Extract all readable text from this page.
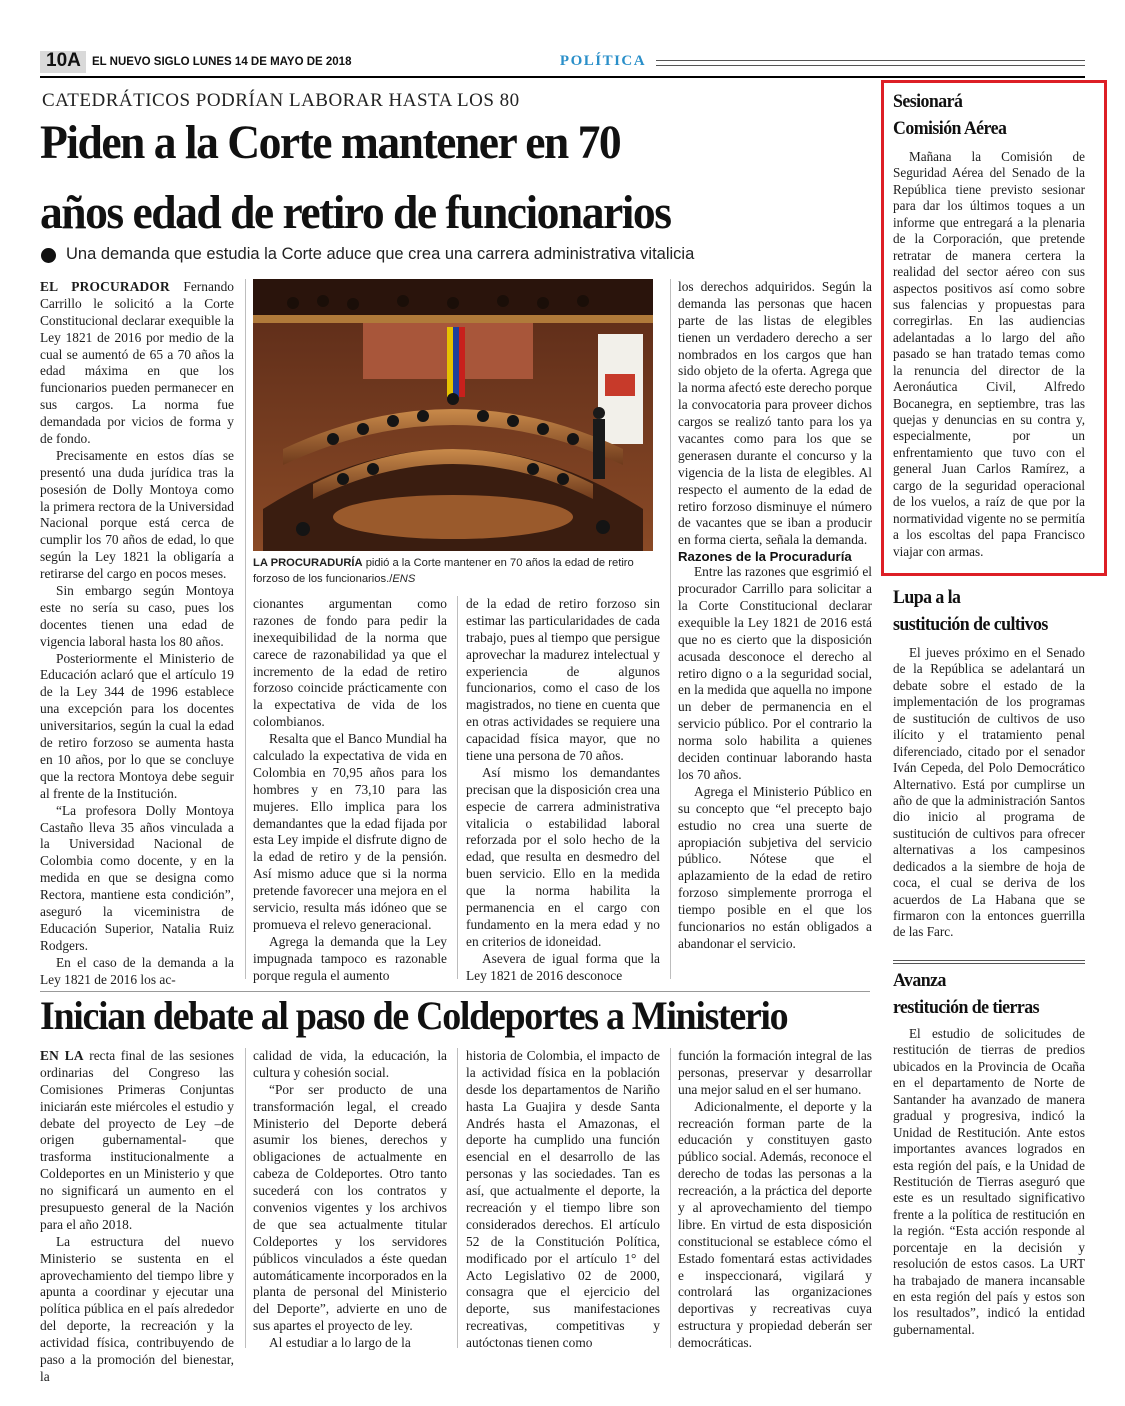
10A EL NUEVO SIGLO LUNES 14 DE MAYO DE 2018	POLÍTICA
CATEDRÁTICOS PODRÍAN LABORAR HASTA LOS 80
Piden a la Corte mantener en 70
años edad de retiro de funcionarios
Una demanda que estudia la Corte aduce que crea una carrera administrativa vitalicia

EL PROCURADOR Fernando Carrillo le solicitó a la Corte Constitucional declarar exequible la Ley 1821 de 2016 por medio de la cual se aumentó de 65 a 70 años la edad máxima en que los funcionarios pueden permanecer en sus cargos. La norma fue demandada por vicios de forma y de fondo.

Precisamente en estos días se presentó una duda jurídica tras la posesión de Dolly Montoya como la primera rectora de la Universidad Nacional porque está cerca de cumplir los 70 años de edad, lo que según la Ley 1821 la obligaría a retirarse del cargo en pocos meses.

Sin embargo según Montoya este no sería su caso, pues los docentes tienen una edad de vigencia laboral hasta los 80 años.

Posteriormente el Ministerio de Educación aclaró que el artículo 19 de la Ley 344 de 1996 establece una excepción para los docentes universitarios, según la cual la edad de retiro forzoso se aumenta hasta en 10 años, por lo que se concluye que la rectora Montoya debe seguir al frente de la Institución.

“La profesora Dolly Montoya Castaño lleva 35 años vinculada a la Universidad Nacional de Colombia como docente, y en la medida en que se designa como Rectora, mantiene esta condición”, aseguró la viceministra de Educación Superior, Natalia Ruiz Rodgers.

En el caso de la demanda a la Ley 1821 de 2016 los ac-

LA PROCURADURÍA pidió a la Corte mantener en 70 años la edad de retiro forzoso de los funcionarios./ENS

los derechos adquiridos. Según la demanda las personas que hacen parte de las listas de elegibles tienen un verdadero derecho a ser nombrados en los cargos que han sido objeto de la oferta. Agrega que la norma afectó este derecho porque la convocatoria para proveer dichos cargos se realizó tanto para los ya vacantes como para los que se generasen durante el concurso y la vigencia de la lista de elegibles. Al respecto el aumento de la edad de retiro forzoso disminuye el número de vacantes que se iban a producir en forma cierta, señala la demanda.

Razones de la Procuraduría

Entre las razones que esgrimió el procurador Carrillo para solicitar a la Corte Constitucional declarar exequible la Ley 1821 de 2016 está que no es cierto que la disposición acusada desconoce el derecho al retiro digno o a la seguridad social, en la medida que aquella no impone un deber de permanencia en el servicio público. Por el contrario la norma solo habilita a quienes deciden continuar laborando hasta los 70 años.

Agrega el Ministerio Público en su concepto que “el precepto bajo estudio no crea una suerte de apropiación subjetiva del servicio público. Nótese que el aplazamiento de la edad de retiro forzoso simplemente prorroga el tiempo posible en el que los funcionarios no están obligados a abandonar el servicio.

cionantes argumentan como razones de fondo para pedir la inexequibilidad de la norma que carece de razonabilidad ya que el incremento de la edad de retiro forzoso coincide prácticamente con la expectativa de vida de los colombianos.

Resalta que el Banco Mundial ha calculado la expectativa de vida en Colombia en 70,95 años para los hombres y en 73,10 para las mujeres. Ello implica para los demandantes que la edad fijada por esta Ley impide el disfrute digno de la edad de retiro y de la pensión. Así mismo aduce que si la norma pretende favorecer una mejora en el servicio, resulta más idóneo que se promueva el relevo generacional.

Agrega la demanda que la Ley impugnada tampoco es razonable porque regula el aumento

de la edad de retiro forzoso sin estimar las particularidades de cada trabajo, pues al tiempo que persigue aprovechar la madurez intelectual y experiencia de algunos funcionarios, como el caso de los magistrados, no tiene en cuenta que en otras actividades se requiere una capacidad física mayor, que no tiene una persona de 70 años.

Así mismo los demandantes precisan que la disposición crea una especie de carrera administrativa vitalicia o estabilidad laboral reforzada por el solo hecho de la edad, que resulta en desmedro del buen servicio. Ello en la medida que la norma habilita la permanencia en el cargo con fundamento en la mera edad y no en criterios de idoneidad.

Asevera de igual forma que la Ley 1821 de 2016 desconoce

Inician debate al paso de Coldeportes a Ministerio

EN LA recta final de las sesiones ordinarias del Congreso las Comisiones Primeras Conjuntas iniciarán este miércoles el estudio y debate del proyecto de Ley –de origen gubernamental- que trasforma institucionalmente a Coldeportes en un Ministerio y que no significará un aumento en el presupuesto general de la Nación para el año 2018.

La estructura del nuevo Ministerio se sustenta en el aprovechamiento del tiempo libre y apunta a coordinar y ejecutar una política pública en el país alrededor del deporte, la recreación y la actividad física, contribuyendo de paso a la promoción del bienestar, la

calidad de vida, la educación, la cultura y cohesión social.

“Por ser producto de una transformación legal, el creado Ministerio del Deporte deberá asumir los bienes, derechos y obligaciones de actualmente en cabeza de Coldeportes. Otro tanto sucederá con los contratos y convenios vigentes y los archivos de que sea actualmente titular Coldeportes y los servidores públicos vinculados a éste quedan automáticamente incorporados en la planta de personal del Ministerio del Deporte”, advierte en uno de sus apartes el proyecto de ley.

Al estudiar a lo largo de la

historia de Colombia, el impacto de la actividad física en la población desde los departamentos de Nariño hasta La Guajira y desde Santa Andrés hasta el Amazonas, el deporte ha cumplido una función esencial en el desarrollo de las personas y las sociedades. Tan es así, que actualmente el deporte, la recreación y el tiempo libre son considerados derechos. El artículo 52 de la Constitución Política, modificado por el artículo 1° del Acto Legislativo 02 de 2000, consagra que el ejercicio del deporte, sus manifestaciones recreativas, competitivas y autóctonas tienen como

función la formación integral de las personas, preservar y desarrollar una mejor salud en el ser humano.

Adicionalmente, el deporte y la recreación forman parte de la educación y constituyen gasto público social. Además, reconoce el derecho de todas las personas a la recreación, a la práctica del deporte y al aprovechamiento del tiempo libre. En virtud de esta disposición constitucional se establece cómo el Estado fomentará estas actividades e inspeccionará, vigilará y controlará las organizaciones deportivas y recreativas cuya estructura y propiedad deberán ser democráticas.

Sesionará
Comisión Aérea
Mañana la Comisión de Seguridad Aérea del Senado de la República tiene previsto sesionar para dar los últimos toques a un informe que entregará a la plenaria de la Corporación, que pretende retratar de manera certera la realidad del sector aéreo con sus aspectos positivos así como sobre sus falencias y propuestas para corregirlas. En las audiencias adelantadas a lo largo del año pasado se han tratado temas como la renuncia del director de la Aeronáutica Civil, Alfredo Bocanegra, en septiembre, tras las quejas y denuncias en su contra y, especialmente, por un enfrentamiento que tuvo con el general Juan Carlos Ramírez, a cargo de la seguridad operacional de los vuelos, a raíz de que por la normatividad vigente no se permitía a los escoltas del papa Francisco viajar con armas.
Lupa a la
sustitución de cultivos
El jueves próximo en el Senado de la República se adelantará un debate sobre el estado de la implementación de los programas de sustitución de cultivos de uso ilícito y el tratamiento penal diferenciado, citado por el senador Iván Cepeda, del Polo Democrático Alternativo. Está por cumplirse un año de que la administración Santos dio inicio al programa de sustitución de cultivos para ofrecer alternativas a los campesinos dedicados a la siembre de hoja de coca, el cual se deriva de los acuerdos de La Habana que se firmaron con la entonces guerrilla de las Farc.
Avanza
restitución de tierras
El estudio de solicitudes de restitución de tierras de predios ubicados en la Provincia de Ocaña en el departamento de Norte de Santander ha avanzado de manera gradual y progresiva, indicó la Unidad de Restitución. Ante estos importantes avances logrados en esta región del país, e la Unidad de Restitución de Tierras aseguró que este es un resultado significativo frente a la política de restitución en la región. “Esta acción responde al porcentaje en la decisión y resolución de estos casos. La URT ha trabajado de manera incansable en esta región del país y estos son los resultados”, indicó la entidad gubernamental.
